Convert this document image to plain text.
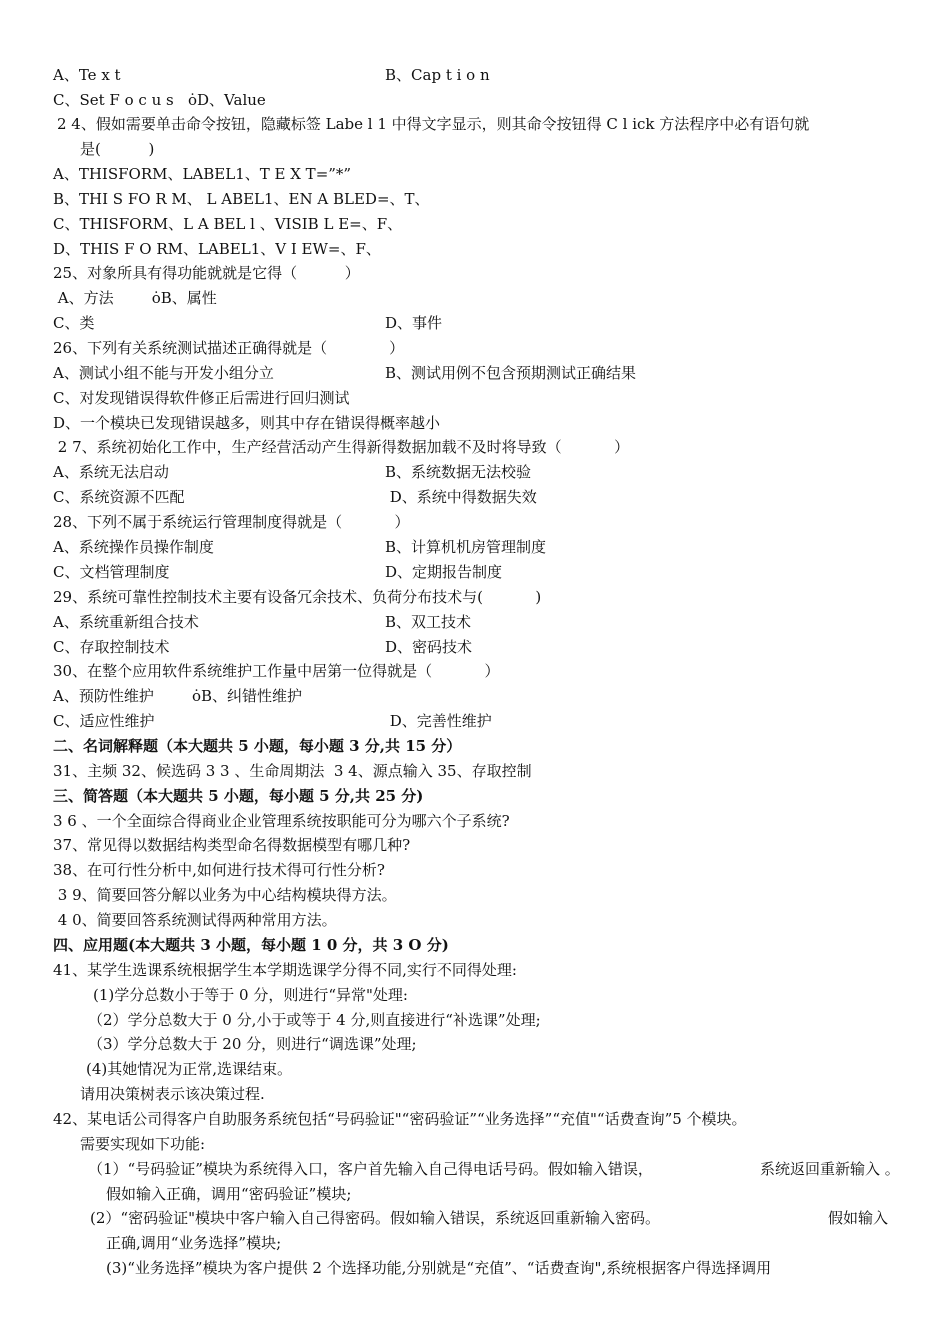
A、Te x t	B、Cap t i o n
C、Set F o c u s   ȯD、Value
2 4、假如需要单击命令按钮，隐藏标签 Labe l 1 中得文字显示，则其命令按钮得 C l ick 方法程序中必有语句就
是(          )
A、THISFORM、LABEL1、T E X T=”*”
B、THI S FO R M、 L ABEL1、EN A BLED=、T、
C、THISFORM、L A BEL l 、VISIB L E=、F、
D、THIS F O RM、LABEL1、V I EW=、F、
25、对象所具有得功能就就是它得（          ）
A、方法        ȯB、属性
C、类	D、事件
26、下列有关系统测试描述正确得就是（             ）
A、测试小组不能与开发小组分立	B、测试用例不包含预期测试正确结果
C、对发现错误得软件修正后需进行回归测试
D、一个模块已发现错误越多，则其中存在错误得概率越小
2 7、系统初始化工作中，生产经营活动产生得新得数据加载不及时将导致（           ）
A、系统无法启动	B、系统数据无法校验
C、系统资源不匹配	D、系统中得数据失效
28、下列不属于系统运行管理制度得就是（           ）
A、系统操作员操作制度	B、计算机机房管理制度
C、文档管理制度	D、定期报告制度
29、系统可靠性控制技术主要有设备冗余技术、负荷分布技术与(           )
A、系统重新组合技术	B、双工技术
C、存取控制技术	D、密码技术
30、在整个应用软件系统维护工作量中居第一位得就是（           ）
A、预防性维护        ȯB、纠错性维护
C、适应性维护	D、完善性维护
二、名词解释题（本大题共 5 小题，每小题 3 分,共 15 分）
31、主频 32、候选码 3 3 、生命周期法  3 4、源点输入 35、存取控制
三、简答题（本大题共 5 小题，每小题 5 分,共 25 分)
3 6 、一个全面综合得商业企业管理系统按职能可分为哪六个子系统?
37、常见得以数据结构类型命名得数据模型有哪几种?
38、在可行性分析中,如何进行技术得可行性分析?
3 9、简要回答分解以业务为中心结构模块得方法。
4 0、简要回答系统测试得两种常用方法。
四、应用题(本大题共 3 小题，每小题 1 0 分，共 3 O 分)
41、某学生选课系统根据学生本学期选课学分得不同,实行不同得处理:
(1)学分总数小于等于 0 分，则进行“异常"处理:
（2）学分总数大于 0 分,小于或等于 4 分,则直接进行“补选课”处理;
（3）学分总数大于 20 分，则进行“调选课”处理;
(4)其她情况为正常,选课结束。
请用决策树表示该决策过程.
42、某电话公司得客户自助服务系统包括“号码验证"“密码验证”“业务选择”“充值"“话费查询”5 个模块。
需要实现如下功能:
（1）“号码验证”模块为系统得入口，客户首先输入自己得电话号码。假如输入错误，	系统返回重新输入 。
假如输入正确，调用“密码验证”模块;
(2）“密码验证"模块中客户输入自己得密码。假如输入错误，系统返回重新输入密码。	假如输入
正确,调用“业务选择”模块;
(3)“业务选择”模块为客户提供 2 个选择功能,分别就是“充值”、“话费查询",系统根据客户得选择调用
